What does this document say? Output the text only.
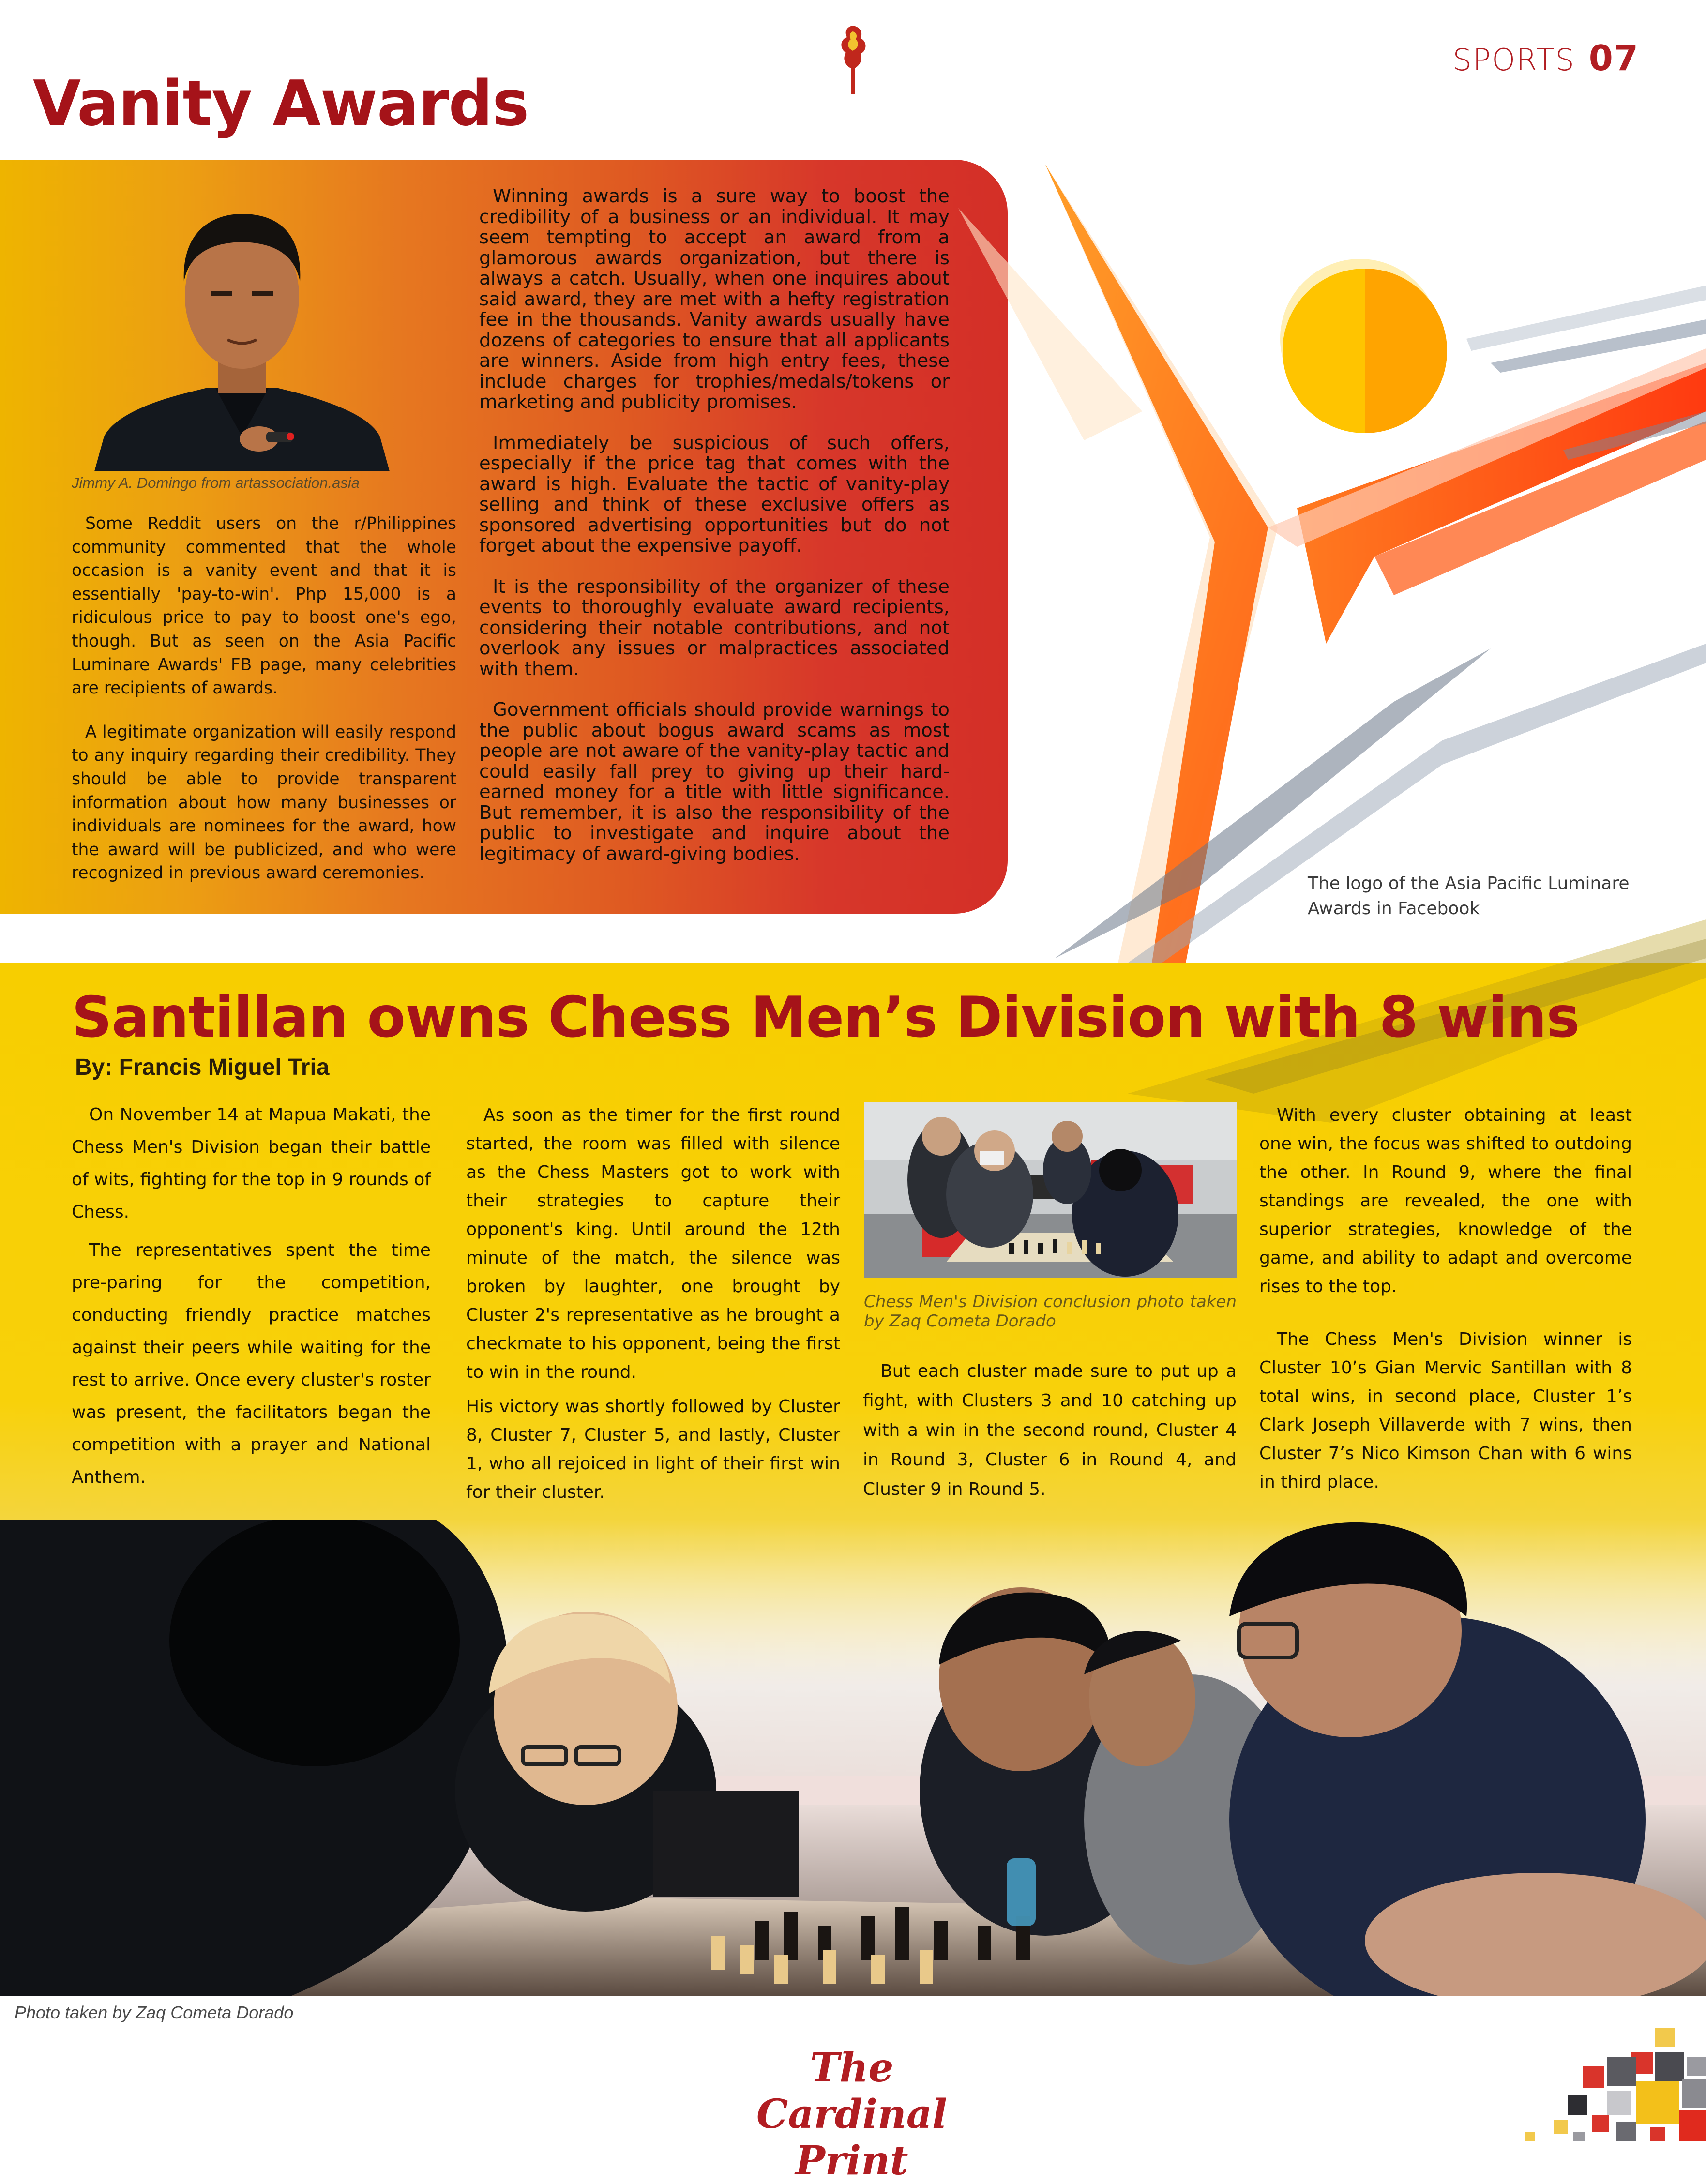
SPORTS 07
Vanity Awards
Jimmy A. Domingo from artassociation.asia

Some Reddit users on the r/Philippines community commented that the whole occasion is a vanity event and that it is essentially 'pay-to-win'. Php 15,000 is a ridiculous price to pay to boost one's ego, though. But as seen on the Asia Pacific Luminare Awards' FB page, many celebrities are recipients of awards.

A legitimate organization will easily respond to any inquiry regarding their credibility. They should be able to provide transparent information about how many businesses or individuals are nominees for the award, how the award will be publicized, and who were recognized in previous award ceremonies.

Winning awards is a sure way to boost the credibility of a business or an individual. It may seem tempting to accept an award from a glamorous awards organization, but there is always a catch. Usually, when one inquires about said award, they are met with a hefty registration fee in the thousands. Vanity awards usually have dozens of categories to ensure that all applicants are winners. Aside from high entry fees, these include charges for trophies/medals/tokens or marketing and publicity promises.

Immediately be suspicious of such offers, especially if the price tag that comes with the award is high. Evaluate the tactic of vanity-play selling and think of these exclusive offers as sponsored advertising opportunities but do not forget about the expensive payoff.

It is the responsibility of the organizer of these events to thoroughly evaluate award recipients, considering their notable contributions, and not overlook any issues or malpractices associated with them.

Government officials should provide warnings to the public about bogus award scams as most people are not aware of the vanity-play tactic and could easily fall prey to giving up their hard-earned money for a title with little significance. But remember, it is also the responsibility of the public to investigate and inquire about the legitimacy of award-giving bodies.

The logo of the Asia Pacific Luminare Awards in Facebook
Santillan owns Chess Men’s Division with 8 wins
By: Francis Miguel Tria

On November 14 at Mapua Makati, the Chess Men's Division began their battle of wits, fighting for the top in 9 rounds of Chess.

The representatives spent the time pre-paring for the competition, conducting friendly practice matches against their peers while waiting for the rest to arrive. Once every cluster's roster was present, the facilitators began the competition with a prayer and National Anthem.

As soon as the timer for the first round started, the room was filled with silence as the Chess Masters got to work with their strategies to capture their opponent's king. Until around the 12th minute of the match, the silence was broken by laughter, one brought by Cluster 2's representative as he brought a checkmate to his opponent, being the first to win in the round.

His victory was shortly followed by Cluster 8, Cluster 7, Cluster 5, and lastly, Cluster 1, who all rejoiced in light of their first win for their cluster.

Chess Men's Division conclusion photo taken by Zaq Cometa Dorado

But each cluster made sure to put up a fight, with Clusters 3 and 10 catching up with a win in the second round, Cluster 4 in Round 3, Cluster 6 in Round 4, and Cluster 9 in Round 5.

With every cluster obtaining at least one win, the focus was shifted to outdoing the other. In Round 9, where the final standings are revealed, the one with superior strategies, knowledge of the game, and ability to adapt and overcome rises to the top.

The Chess Men's Division winner is Cluster 10’s Gian Mervic Santillan with 8 total wins, in second place, Cluster 1’s Clark Joseph Villaverde with 7 wins, then Cluster 7’s Nico Kimson Chan with 6 wins in third place.

Photo taken by Zaq Cometa Dorado
The Cardinal Print
